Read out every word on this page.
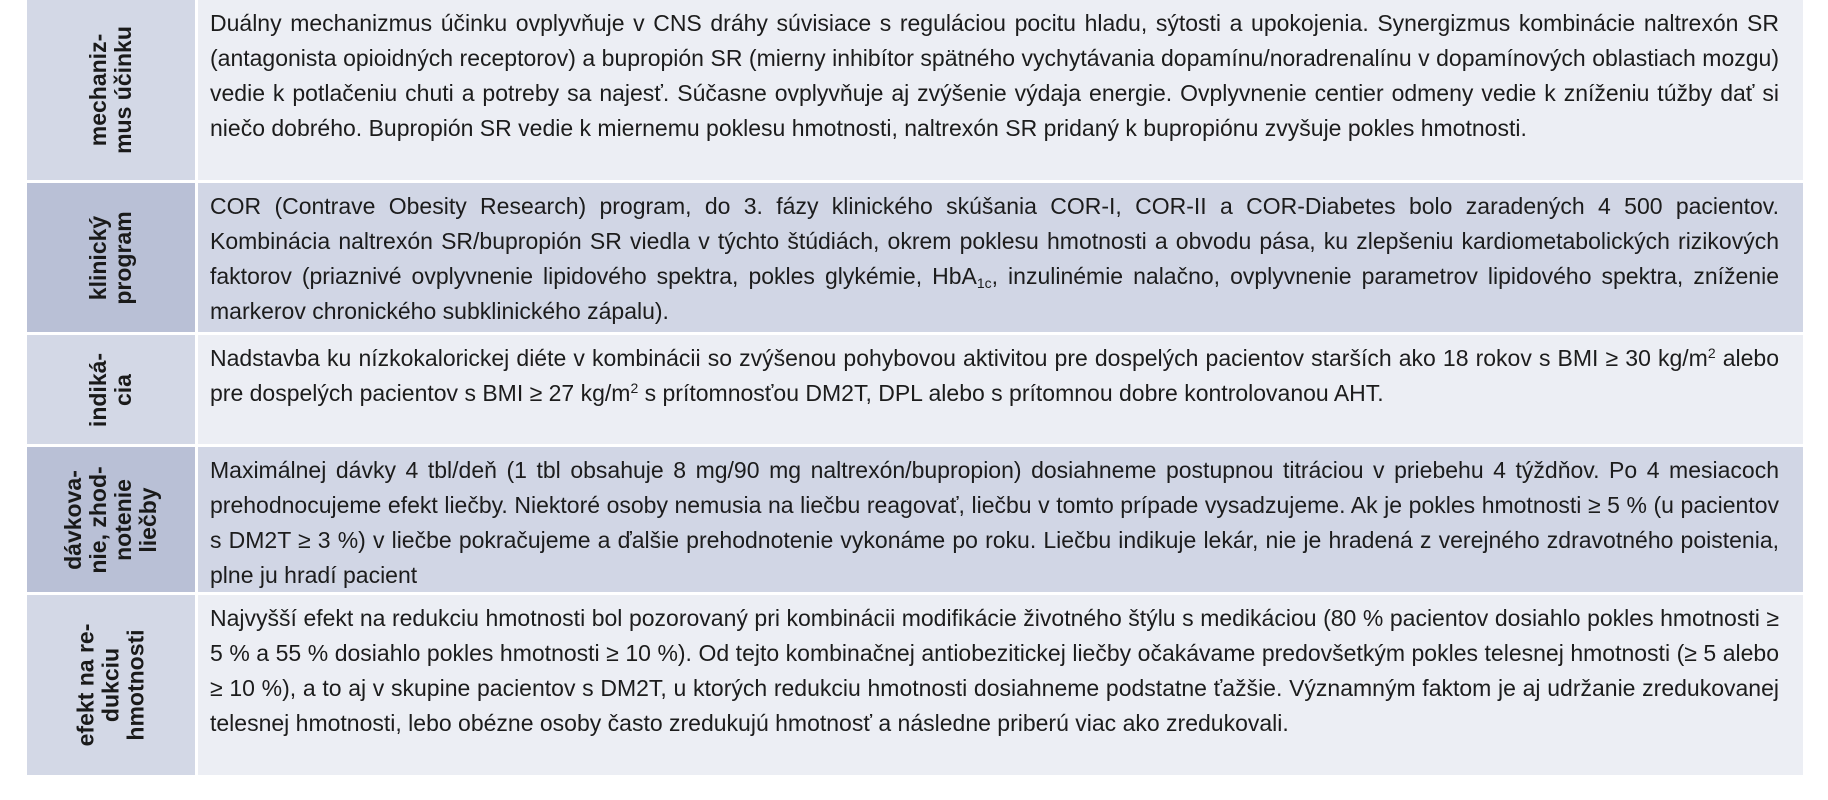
mechaniz-
mus účinku
Duálny mechanizmus účinku ovplyvňuje v CNS dráhy súvisiace s reguláciou pocitu hladu, sýtosti a upokojenia. Synergizmus kombinácie naltrexón SR (antagonista opioidných receptorov) a bupropión SR (mierny inhibítor spätného vychytávania dopamínu/noradrenalínu v dopamínových oblastiach mozgu) vedie k potlačeniu chuti a potreby sa najesť. Súčasne ovplyvňuje aj zvýšenie výdaja energie. Ovplyvnenie centier odmeny vedie k zníženiu túžby dať si niečo dobrého. Bupropión SR vedie k miernemu poklesu hmotnosti, naltrexón SR pridaný k bupropiónu zvyšuje pokles hmotnosti.
klinický
program
COR (Contrave Obesity Research) program, do 3. fázy klinického skúšania COR-I, COR-II a COR-Diabetes bolo zaradených 4 500 pacientov. Kombinácia naltrexón SR/bupropión SR viedla v týchto štúdiách, okrem poklesu hmotnosti a obvodu pása, ku zlepšeniu kardiometabolických rizikových faktorov (priaznivé ovplyvnenie lipidového spektra, pokles glykémie, HbA$_{1c}$, inzulinémie nalačno, ovplyvnenie parametrov lipidového spektra, zníženie markerov chronického subklinického zápalu).
indiká-
cia
Nadstavba ku nízkokalorickej diéte v kombinácii so zvýšenou pohybovou aktivitou pre dospelých pacientov starších ako 18 rokov s BMI ≥ 30 $kg/m^2$ alebo pre dospelých pacientov s BMI ≥ 27 $kg/m^2$ s prítomnosťou DM2T, DPL alebo s prítomnou dobre kontrolovanou AHT.
dávkova-
nie, zhod-
notenie
liečby
Maximálnej dávky 4 tbl/deň (1 tbl obsahuje 8 mg/90 mg naltrexón/bupropion) dosiahneme postupnou titráciou v priebehu 4 týždňov. Po 4 mesiacoch prehodnocujeme efekt liečby. Niektoré osoby nemusia na liečbu reagovať, liečbu v tomto prípade vysadzujeme. Ak je pokles hmotnosti ≥ 5 % (u pacientov s DM2T ≥ 3 %) v liečbe pokračujeme a ďalšie prehodnotenie vykonáme po roku. Liečbu indikuje lekár, nie je hradená z verejného zdravotného poistenia, plne ju hradí pacient
efekt na re-
dukciu
hmotnosti
Najvyšší efekt na redukciu hmotnosti bol pozorovaný pri kombinácii modifikácie životného štýlu s medikáciou (80 % pacientov dosiahlo pokles hmotnosti ≥ 5 % a 55 % dosiahlo pokles hmotnosti ≥ 10 %). Od tejto kombinačnej antiobezitickej liečby očakávame predovšetkým pokles telesnej hmotnosti (≥ 5 alebo ≥ 10 %), a to aj v skupine pacientov s DM2T, u ktorých redukciu hmotnosti dosiahneme podstatne ťažšie. Významným faktom je aj udržanie zredukovanej telesnej hmotnosti, lebo obézne osoby často zredukujú hmotnosť a následne priberú viac ako zredukovali.
